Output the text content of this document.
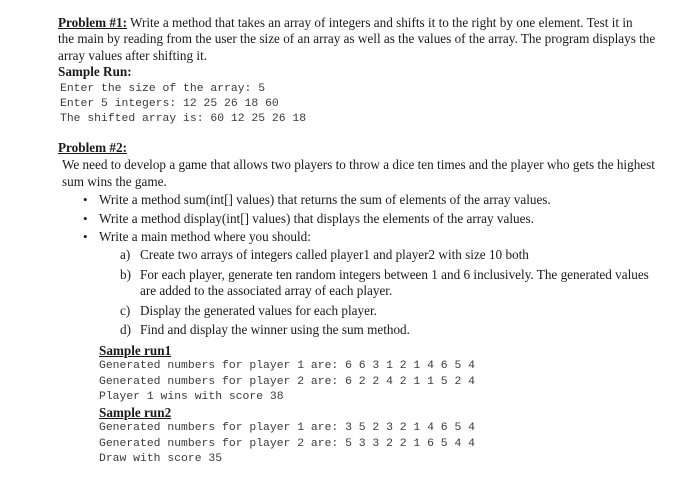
Problem #1: Write a method that takes an array of integers and shifts it to the right by one element. Test it in
the main by reading from the user the size of an array as well as the values of the array. The program displays the
array values after shifting it.
Sample Run:
Enter the size of the array: 5
Enter 5 integers: 12 25 26 18 60
The shifted array is: 60 12 25 26 18
Problem #2:
We need to develop a game that allows two players to throw a dice ten times and the player who gets the highest
sum wins the game.
• Write a method sum(int[] values) that returns the sum of elements of the array values.
• Write a method display(int[] values) that displays the elements of the array values.
• Write a main method where you should:
a) Create two arrays of integers called player1 and player2 with size 10 both
b) For each player, generate ten random integers between 1 and 6 inclusively. The generated values
are added to the associated array of each player.
c) Display the generated values for each player.
d) Find and display the winner using the sum method.
Sample run1
Generated numbers for player 1 are: 6 6 3 1 2 1 4 6 5 4
Generated numbers for player 2 are: 6 2 2 4 2 1 1 5 2 4
Player 1 wins with score 38
Sample run2
Generated numbers for player 1 are: 3 5 2 3 2 1 4 6 5 4
Generated numbers for player 2 are: 5 3 3 2 2 1 6 5 4 4
Draw with score 35
